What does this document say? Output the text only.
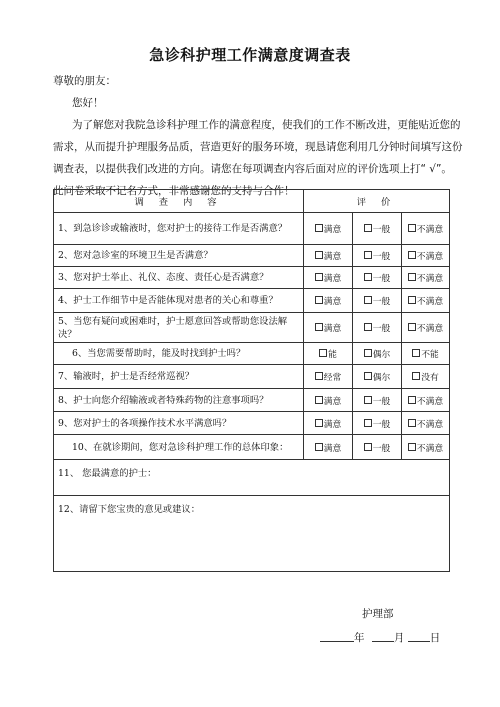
急诊科护理工作满意度调查表
尊敬的朋友：
您好！
为了解您对我院急诊科护理工作的满意程度，使我们的工作不断改进，更能贴近您的
需求，从而提升护理服务品质，营造更好的服务环境，现恳请您利用几分钟时间填写这份
调查表，以提供我们改进的方向。请您在每项调查内容后面对应的评价选项上打“ √”。
此问卷采取不记名方式，非常感谢您的支持与合作！
调 查 内 容	评 价		
1、到急诊诊或输液时，您对护士的接待工作是否满意？	满意	一般	不满意
2、您对急诊室的环境卫生是否满意？	满意	一般	不满意
3、您对护士举止、礼仪、态度、责任心是否满意？	满意	一般	不满意
4、护士工作细节中是否能体现对患者的关心和尊重？	满意	一般	不满意
5、当您有疑问或困难时，护士愿意回答或帮助您设法解决？	满意	一般	不满意
6、当您需要帮助时，能及时找到护士吗？	能	偶尔	不能
7、输液时，护士是否经常巡视？	经常	偶尔	没有
8、护士向您介绍输液或者特殊药物的注意事项吗？	满意	一般	不满意
9、您对护士的各项操作技术水平满意吗？	满意	一般	不满意
10、在就诊期间，您对急诊科护理工作的总体印象：	满意	一般	不满意
11、 您最满意的护士：			
12、请留下您宝贵的意见或建议：			
护理部
年	月 日
